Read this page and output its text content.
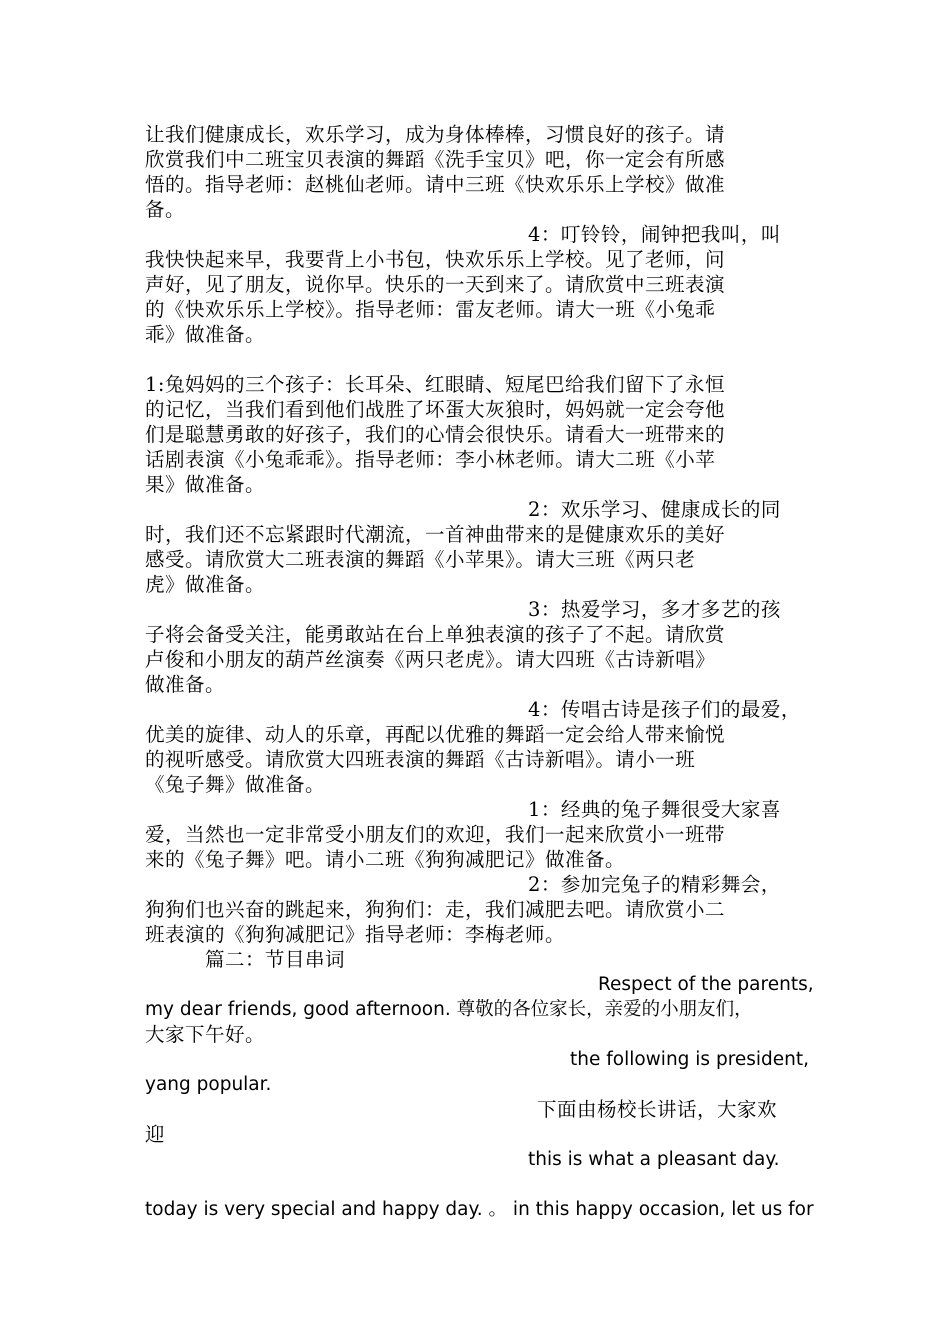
让我们健康成长，欢乐学习，成为身体棒棒，习惯良好的孩子。请
欣赏我们中二班宝贝表演的舞蹈《洗手宝贝》吧，你一定会有所感
悟的。指导老师：赵桃仙老师。请中三班《快欢乐乐上学校》做准
备。
4：叮铃铃，闹钟把我叫，叫
我快快起来早，我要背上小书包，快欢乐乐上学校。见了老师，问
声好，见了朋友，说你早。快乐的一天到来了。请欣赏中三班表演
的《快欢乐乐上学校》。指导老师：雷友老师。请大一班《小兔乖
乖》做准备。
1:兔妈妈的三个孩子：长耳朵、红眼睛、短尾巴给我们留下了永恒
的记忆，当我们看到他们战胜了坏蛋大灰狼时，妈妈就一定会夸他
们是聪慧勇敢的好孩子，我们的心情会很快乐。请看大一班带来的
话剧表演《小兔乖乖》。指导老师：李小林老师。请大二班《小苹
果》做准备。
2：欢乐学习、健康成长的同
时，我们还不忘紧跟时代潮流，一首神曲带来的是健康欢乐的美好
感受。请欣赏大二班表演的舞蹈《小苹果》。请大三班《两只老
虎》做准备。
3：热爱学习，多才多艺的孩
子将会备受关注，能勇敢站在台上单独表演的孩子了不起。请欣赏
卢俊和小朋友的葫芦丝演奏《两只老虎》。请大四班《古诗新唱》
做准备。
4：传唱古诗是孩子们的最爱，
优美的旋律、动人的乐章，再配以优雅的舞蹈一定会给人带来愉悦
的视听感受。请欣赏大四班表演的舞蹈《古诗新唱》。请小一班
《兔子舞》做准备。
1：经典的兔子舞很受大家喜
爱，当然也一定非常受小朋友们的欢迎，我们一起来欣赏小一班带
来的《兔子舞》吧。请小二班《狗狗减肥记》做准备。
2：参加完兔子的精彩舞会，
狗狗们也兴奋的跳起来，狗狗们：走，我们减肥去吧。请欣赏小二
班表演的《狗狗减肥记》指导老师：李梅老师。
篇二：节目串词
Respect of the parents,
my dear friends, good afternoon. 尊敬的各位家长，亲爱的小朋友们，
大家下午好。
the following is president,
yang popular.
下面由杨校长讲话，大家欢
迎
this is what a pleasant day.
today is very special and happy day. 。 in this happy occasion, let us for
